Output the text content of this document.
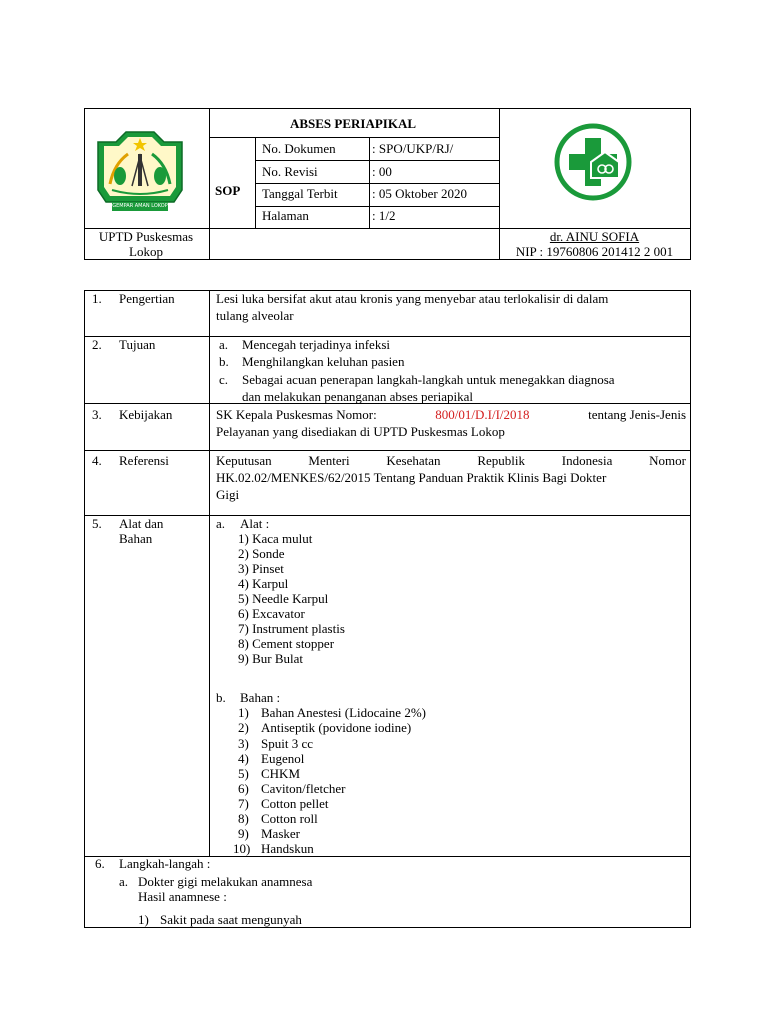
GEMPAR AMAN LOKOP
ABSES PERIAPIKAL
SOP
No. Dokumen	: SPO/UKP/RJ/
No. Revisi	: 00
Tanggal Terbit	: 05 Oktober 2020
Halaman	: 1/2
UPTD Puskesmas
Lokop
dr. AINU SOFIA
NIP : 19760806 201412 2 001
1. Pengertian	Lesi luka bersifat akut atau kronis yang menyebar atau terlokalisir di dalam
tulang alveolar
2. Tujuan	a. Mencegah terjadinya infeksi
b. Menghilangkan keluhan pasien
c. Sebagai acuan penerapan langkah-langkah untuk menegakkan diagnosa
dan melakukan penanganan abses periapikal
3. Kebijakan	SK Kepala Puskesmas Nomor:	800/01/D.I/I/2018	tentang Jenis-Jenis
Pelayanan yang disediakan di UPTD Puskesmas Lokop
4. Referensi	Keputusan Menteri Kesehatan Republik Indonesia Nomor
HK.02.02/MENKES/62/2015 Tentang Panduan Praktik Klinis Bagi Dokter
Gigi
5. Alat dan
Bahan
a. Alat :
1) Kaca mulut
2) Sonde
3) Pinset
4) Karpul
5) Needle Karpul
6) Excavator
7) Instrument plastis
8) Cement stopper
9) Bur Bulat
b. Bahan :
1) Bahan Anestesi (Lidocaine 2%)
2) Antiseptik (povidone iodine)
3) Spuit 3 cc
4) Eugenol
5) CHKM
6) Caviton/fletcher
7) Cotton pellet
8) Cotton roll
9) Masker
10) Handskun
6. Langkah-langah :
a. Dokter gigi melakukan anamnesa
Hasil anamnese :
1) Sakit pada saat mengunyah
